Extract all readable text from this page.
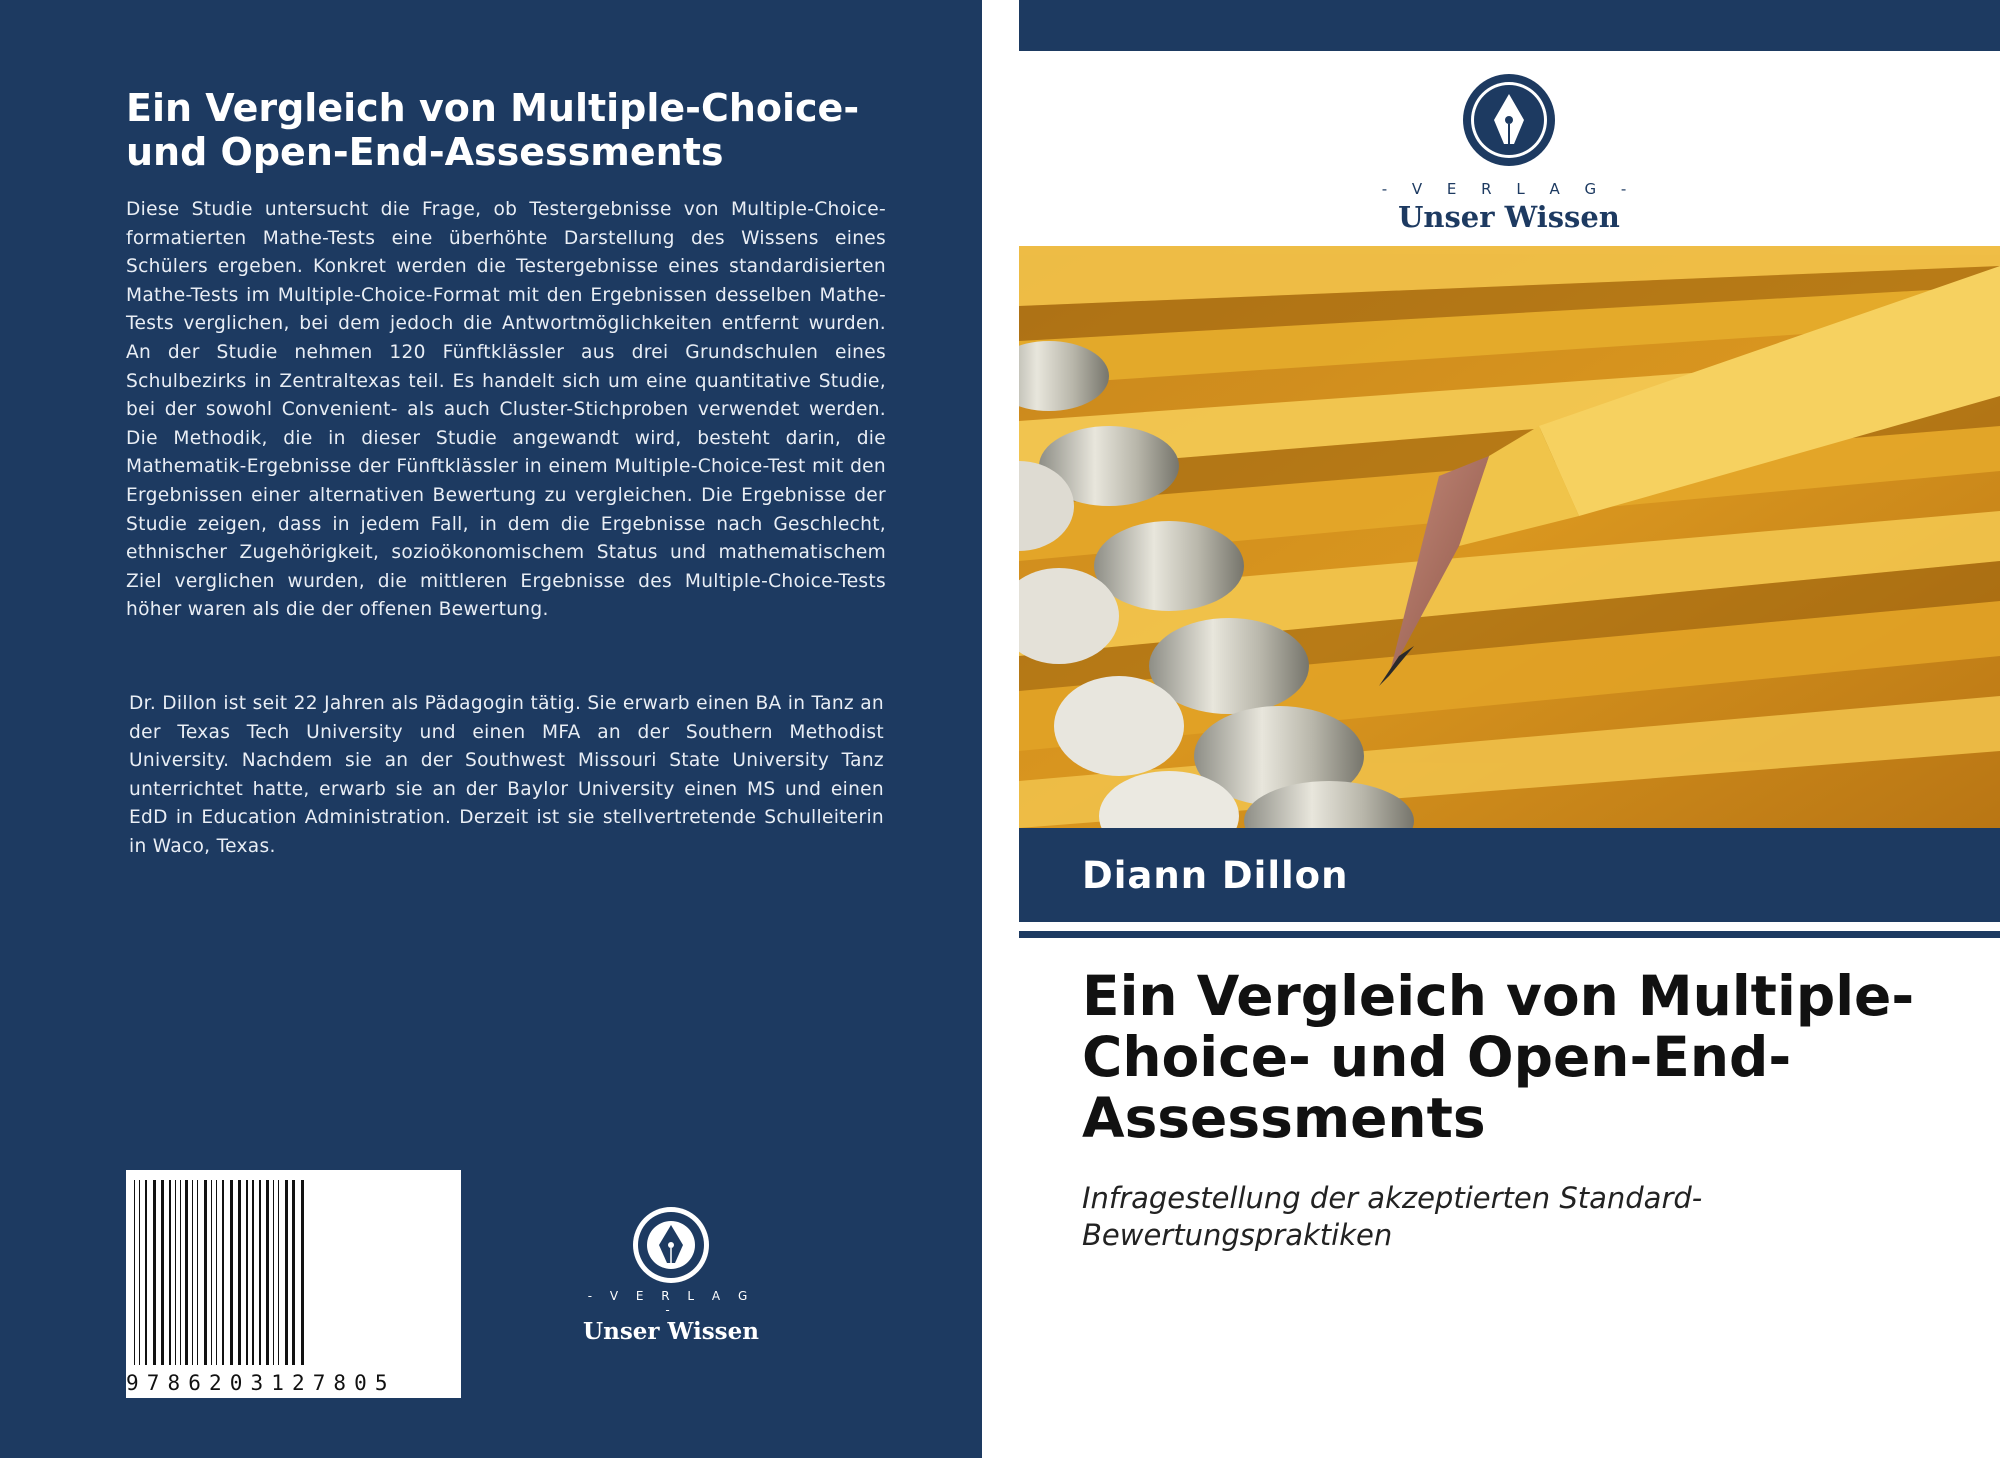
Ein Vergleich von Multiple-Choice- und Open-End-Assessments

Diese Studie untersucht die Frage, ob Testergebnisse von Multiple-Choice-formatierten Mathe-Tests eine überhöhte Darstellung des Wissens eines Schülers ergeben. Konkret werden die Testergebnisse eines standardisierten Mathe-Tests im Multiple-Choice-Format mit den Ergebnissen desselben Mathe-Tests verglichen, bei dem jedoch die Antwortmöglichkeiten entfernt wurden. An der Studie nehmen 120 Fünftklässler aus drei Grundschulen eines Schulbezirks in Zentraltexas teil. Es handelt sich um eine quantitative Studie, bei der sowohl Convenient- als auch Cluster-Stichproben verwendet werden. Die Methodik, die in dieser Studie angewandt wird, besteht darin, die Mathematik-Ergebnisse der Fünftklässler in einem Multiple-Choice-Test mit den Ergebnissen einer alternativen Bewertung zu vergleichen. Die Ergebnisse der Studie zeigen, dass in jedem Fall, in dem die Ergebnisse nach Geschlecht, ethnischer Zugehörigkeit, sozioökonomischem Status und mathematischem Ziel verglichen wurden, die mittleren Ergebnisse des Multiple-Choice-Tests höher waren als die der offenen Bewertung.

Dr. Dillon ist seit 22 Jahren als Pädagogin tätig. Sie erwarb einen BA in Tanz an der Texas Tech University und einen MFA an der Southern Methodist University. Nachdem sie an der Southwest Missouri State University Tanz unterrichtet hatte, erwarb sie an der Baylor University einen MS und einen EdD in Education Administration. Derzeit ist sie stellvertretende Schulleiterin in Waco, Texas.

9786203127805
- V E R L A G -
Unser Wissen
- V E R L A G -
Unser Wissen
Diann Dillon
Ein Vergleich von Multiple-Choice- und Open-End-Assessments

Infragestellung der akzeptierten Standard-Bewertungspraktiken
